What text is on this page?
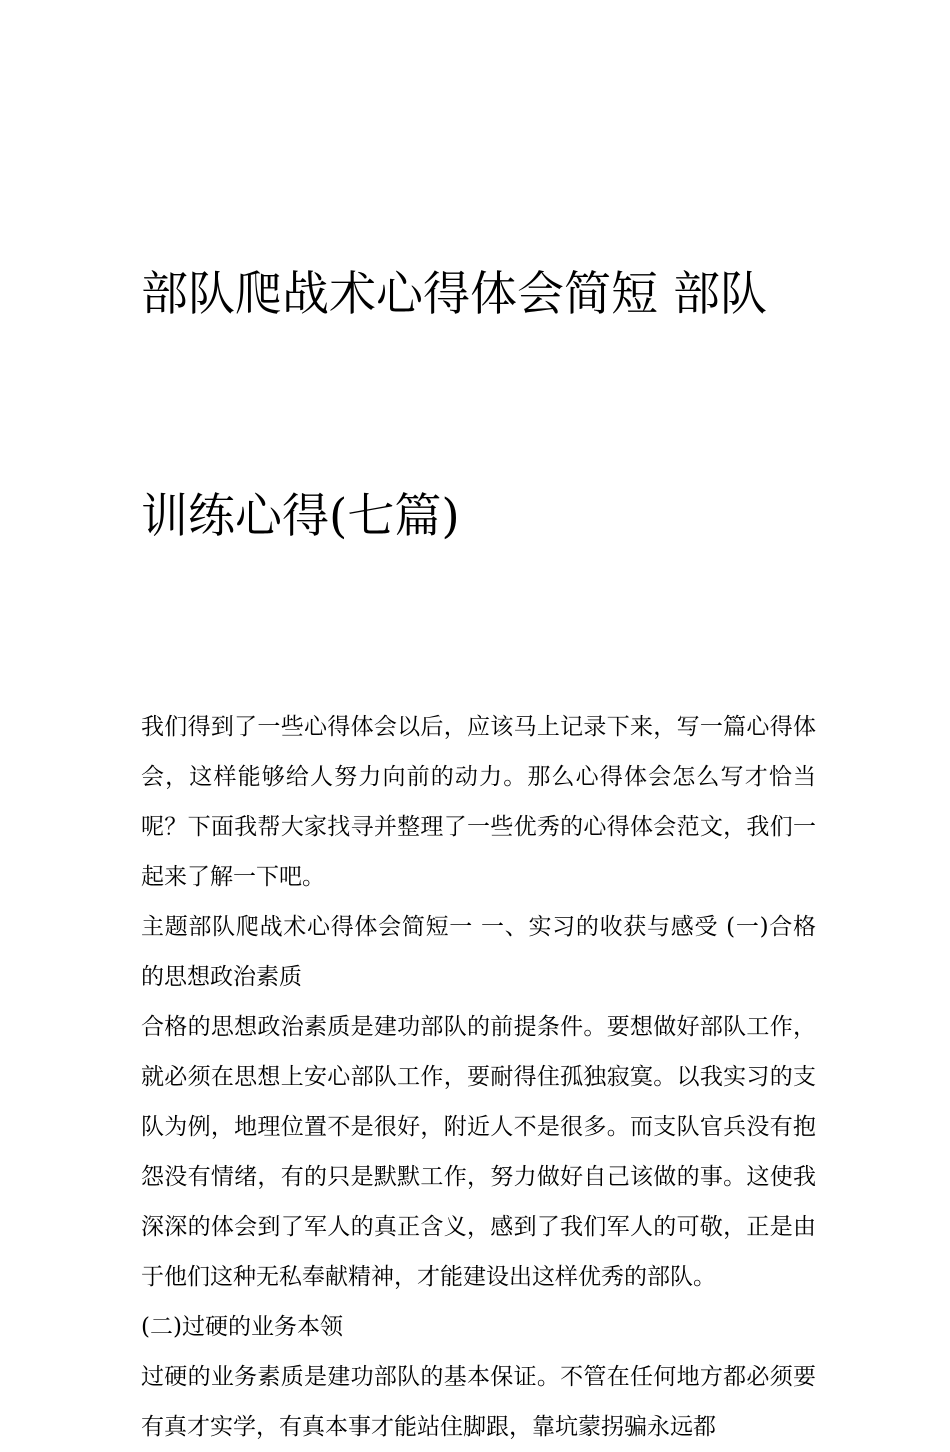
部队爬战术心得体会简短 部队

训练心得(七篇)

我们得到了一些心得体会以后，应该马上记录下来，写一篇心得体会，这样能够给人努力向前的动力。那么心得体会怎么写才恰当呢？下面我帮大家找寻并整理了一些优秀的心得体会范文，我们一起来了解一下吧。

主题部队爬战术心得体会简短一 一、实习的收获与感受 (一)合格的思想政治素质

合格的思想政治素质是建功部队的前提条件。要想做好部队工作，就必须在思想上安心部队工作，要耐得住孤独寂寞。以我实习的支队为例，地理位置不是很好，附近人不是很多。而支队官兵没有抱怨没有情绪，有的只是默默工作，努力做好自己该做的事。这使我深深的体会到了军人的真正含义，感到了我们军人的可敬，正是由于他们这种无私奉献精神，才能建设出这样优秀的部队。

(二)过硬的业务本领

过硬的业务素质是建功部队的基本保证。不管在任何地方都必须要有真才实学，有真本事才能站住脚跟，靠坑蒙拐骗永远都
